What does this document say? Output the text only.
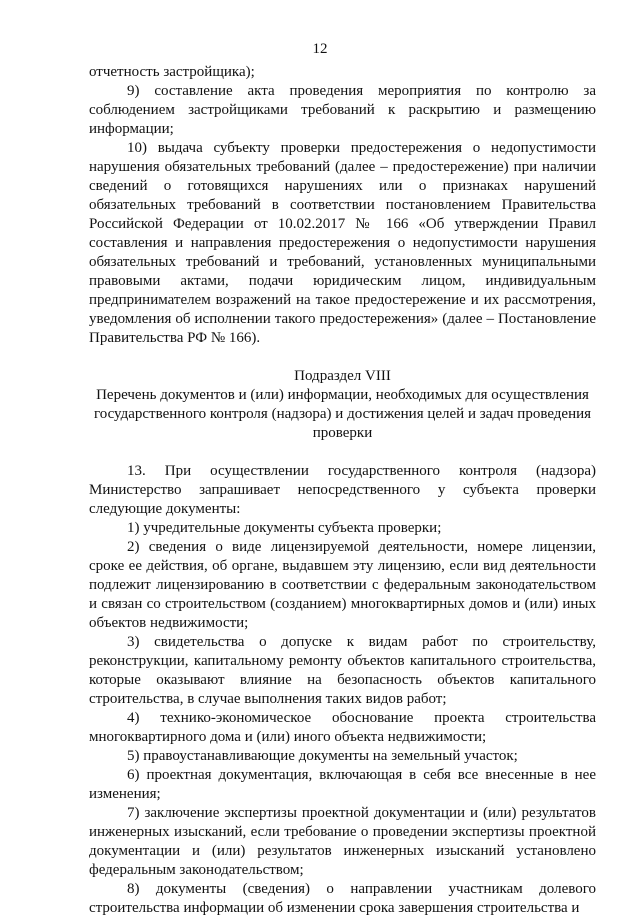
12

отчетность застройщика);

9) составление акта проведения мероприятия по контролю за соблюдением застройщиками требований к раскрытию и размещению информации;

10) выдача субъекту проверки предостережения о недопустимости нарушения обязательных требований (далее – предостережение) при наличии сведений о готовящихся нарушениях или о признаках нарушений обязательных требований в соответствии постановлением Правительства Российской Федерации от 10.02.2017 № 166 «Об утверждении Правил составления и направления предостережения о недопустимости нарушения обязательных требований и требований, установленных муниципальными правовыми актами, подачи юридическим лицом, индивидуальным предпринимателем возражений на такое предостережение и их рассмотрения, уведомления об исполнении такого предостережения» (далее – Постановление Правительства РФ № 166).

Подраздел VIII

Перечень документов и (или) информации, необходимых для осуществления государственного контроля (надзора) и достижения целей и задач проведения проверки

13. При осуществлении государственного контроля (надзора) Министерство запрашивает непосредственного у субъекта проверки следующие документы:

1) учредительные документы субъекта проверки;

2) сведения о виде лицензируемой деятельности, номере лицензии, сроке ее действия, об органе, выдавшем эту лицензию, если вид деятельности подлежит лицензированию в соответствии с федеральным законодательством и связан со строительством (созданием) многоквартирных домов и (или) иных объектов недвижимости;

3) свидетельства о допуске к видам работ по строительству, реконструкции, капитальному ремонту объектов капитального строительства, которые оказывают влияние на безопасность объектов капитального строительства, в случае выполнения таких видов работ;

4) технико-экономическое обоснование проекта строительства многоквартирного дома и (или) иного объекта недвижимости;

5) правоустанавливающие документы на земельный участок;

6) проектная документация, включающая в себя все внесенные в нее изменения;

7) заключение экспертизы проектной документации и (или) результатов инженерных изысканий, если требование о проведении экспертизы проектной документации и (или) результатов инженерных изысканий установлено федеральным законодательством;

8) документы (сведения) о направлении участникам долевого строительства информации об изменении срока завершения строительства и
